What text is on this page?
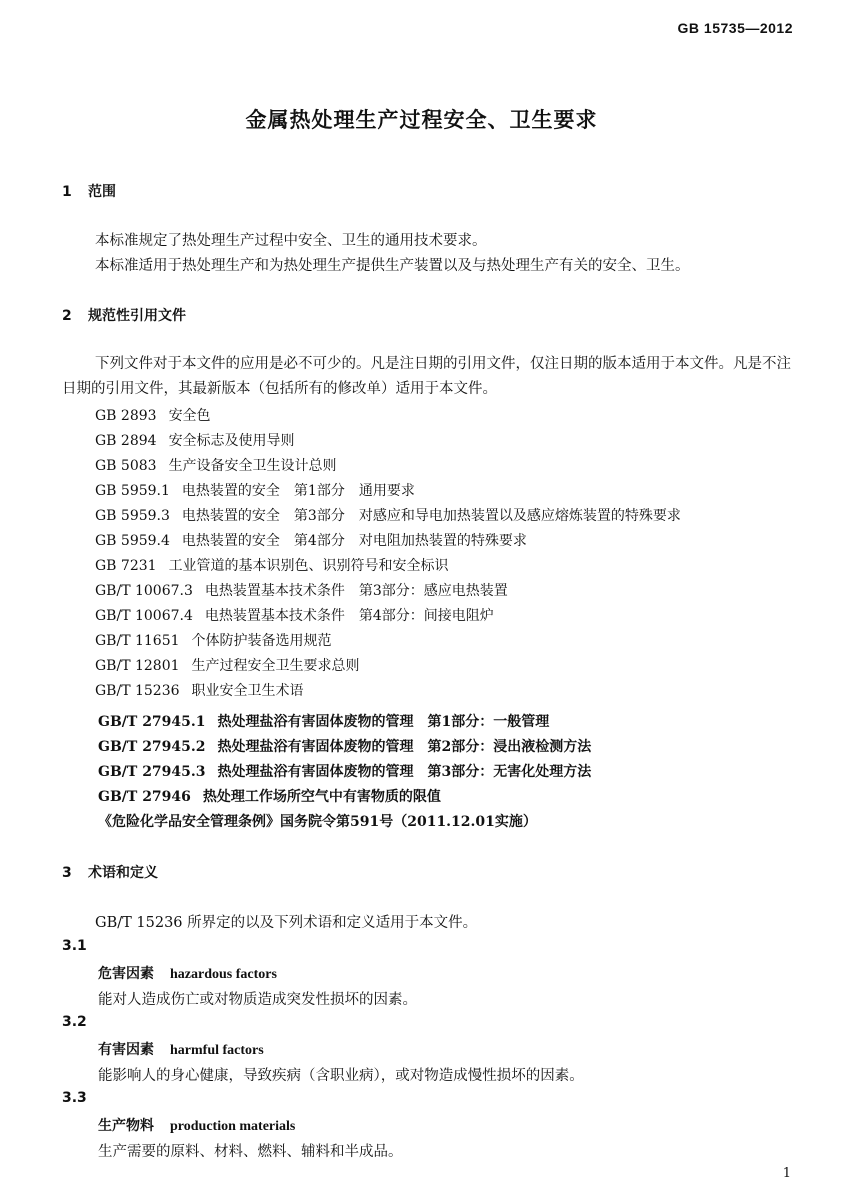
GB 15735—2012
金属热处理生产过程安全、卫生要求
1 范围
本标准规定了热处理生产过程中安全、卫生的通用技术要求。
本标准适用于热处理生产和为热处理生产提供生产装置以及与热处理生产有关的安全、卫生。
2 规范性引用文件
下列文件对于本文件的应用是必不可少的。凡是注日期的引用文件，仅注日期的版本适用于本文件。凡是不注日期的引用文件，其最新版本（包括所有的修改单）适用于本文件。
GB 2893 安全色
GB 2894 安全标志及使用导则
GB 5083 生产设备安全卫生设计总则
GB 5959.1 电热装置的安全　第1部分　通用要求
GB 5959.3 电热装置的安全　第3部分　对感应和导电加热装置以及感应熔炼装置的特殊要求
GB 5959.4 电热装置的安全　第4部分　对电阻加热装置的特殊要求
GB 7231 工业管道的基本识别色、识别符号和安全标识
GB/T 10067.3 电热装置基本技术条件　第3部分：感应电热装置
GB/T 10067.4 电热装置基本技术条件　第4部分：间接电阻炉
GB/T 11651 个体防护装备选用规范
GB/T 12801 生产过程安全卫生要求总则
GB/T 15236 职业安全卫生术语
GB/T 27945.1 热处理盐浴有害固体废物的管理　第1部分：一般管理
GB/T 27945.2 热处理盐浴有害固体废物的管理　第2部分：浸出液检测方法
GB/T 27945.3 热处理盐浴有害固体废物的管理　第3部分：无害化处理方法
GB/T 27946 热处理工作场所空气中有害物质的限值
《危险化学品安全管理条例》国务院令第591号（2011.12.01实施）
3 术语和定义
GB/T 15236 所界定的以及下列术语和定义适用于本文件。
3.1
危害因素 hazardous factors
能对人造成伤亡或对物质造成突发性损坏的因素。
3.2
有害因素 harmful factors
能影响人的身心健康，导致疾病（含职业病），或对物造成慢性损坏的因素。
3.3
生产物料 production materials
生产需要的原料、材料、燃料、辅料和半成品。
1
